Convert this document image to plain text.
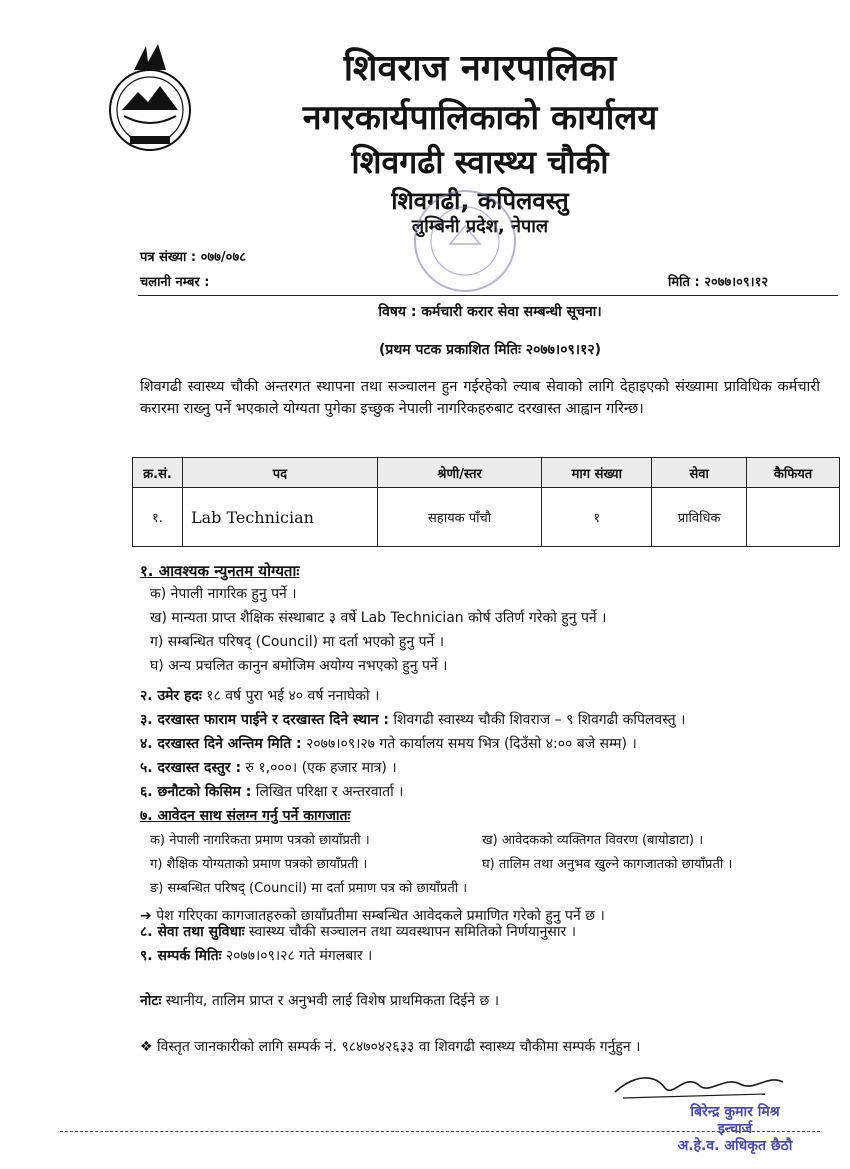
शिवराज नगरपालिका
नगरकार्यपालिकाको कार्यालय
शिवगढी स्वास्थ्य चौकी
शिवगढी, कपिलवस्तु
लुम्बिनी प्रदेश, नेपाल
पत्र संख्या : ०७७/०७८
चलानी नम्बर :	मिति : २०७७।०९।१२
विषय : कर्मचारी करार सेवा सम्बन्धी सूचना।
(प्रथम पटक प्रकाशित मितिः २०७७।०९।१२)
शिवगढी स्वास्थ्य चौकी अन्तरगत स्थापना तथा सञ्चालन हुन गईरहेको ल्याब सेवाको लागि देहाइएको संख्यामा प्राविधिक कर्मचारी करारमा राख्नु पर्ने भएकाले योग्यता पुगेका इच्छुक नेपाली नागरिकहरुबाट दरखास्त आह्वान गरिन्छ।
क्र.सं.	पद	श्रेणी/स्तर	माग संख्या	सेवा	कैफियत
१.	Lab Technician	सहायक पाँचौ	१	प्राविधिक	
१. आवश्यक न्युनतम योग्यताः
क) नेपाली नागरिक हुनु पर्ने ।
ख) मान्यता प्राप्त शैक्षिक संस्थाबाट ३ वर्षे Lab Technician कोर्ष उतिर्ण गरेको हुनु पर्ने ।
ग) सम्बन्धित परिषद् (Council) मा दर्ता भएको हुनु पर्ने ।
घ) अन्य प्रचलित कानुन बमोजिम अयोग्य नभएको हुनु पर्ने ।
२. उमेर हदः १८ वर्ष पुरा भई ४० वर्ष ननाघेको ।
३. दरखास्त फाराम पाईने र दरखास्त दिने स्थान : शिवगढी स्वास्थ्य चौकी शिवराज – ९ शिवगढी कपिलवस्तु ।
४. दरखास्त दिने अन्तिम मिति : २०७७।०९।२७ गते कार्यालय समय भित्र (दिउँसो ४:०० बजे सम्म) ।
५. दरखास्त दस्तुर : रु १,०००। (एक हजार मात्र) ।
६. छनौटको किसिम : लिखित परिक्षा र अन्तरवार्ता ।
७. आवेदन साथ संलग्न गर्नु पर्ने कागजातः
क) नेपाली नागरिकता प्रमाण पत्रको छायाँप्रती ।	ख) आवेदकको व्यक्तिगत विवरण (बायोडाटा) ।
ग) शैक्षिक योग्यताको प्रमाण पत्रको छायाँप्रती ।	घ) तालिम तथा अनुभव खुल्ने कागजातको छायाँप्रती ।
ङ) सम्बन्धित परिषद् (Council) मा दर्ता प्रमाण पत्र को छायाँप्रती ।
➔ पेश गरिएका कागजातहरुको छायाँप्रतीमा सम्बन्धित आवेदकले प्रमाणित गरेको हुनु पर्ने छ ।
८. सेवा तथा सुविधाः स्वास्थ्य चौकी सञ्चालन तथा व्यवस्थापन समितिको निर्णयानुसार ।
९. सम्पर्क मितिः २०७७।०९।२८ गते मंगलबार ।
नोटः स्थानीय, तालिम प्राप्त र अनुभवी लाई विशेष प्राथमिकता दिईने छ ।
❖ विस्तृत जानकारीको लागि सम्पर्क नं. ९८४७०४२६३३ वा शिवगढी स्वास्थ्य चौकीमा सम्पर्क गर्नुहुन ।
बिरेन्द्र कुमार मिश्र
इन्चार्ज
अ.हे.व. अधिकृत छैठौ
